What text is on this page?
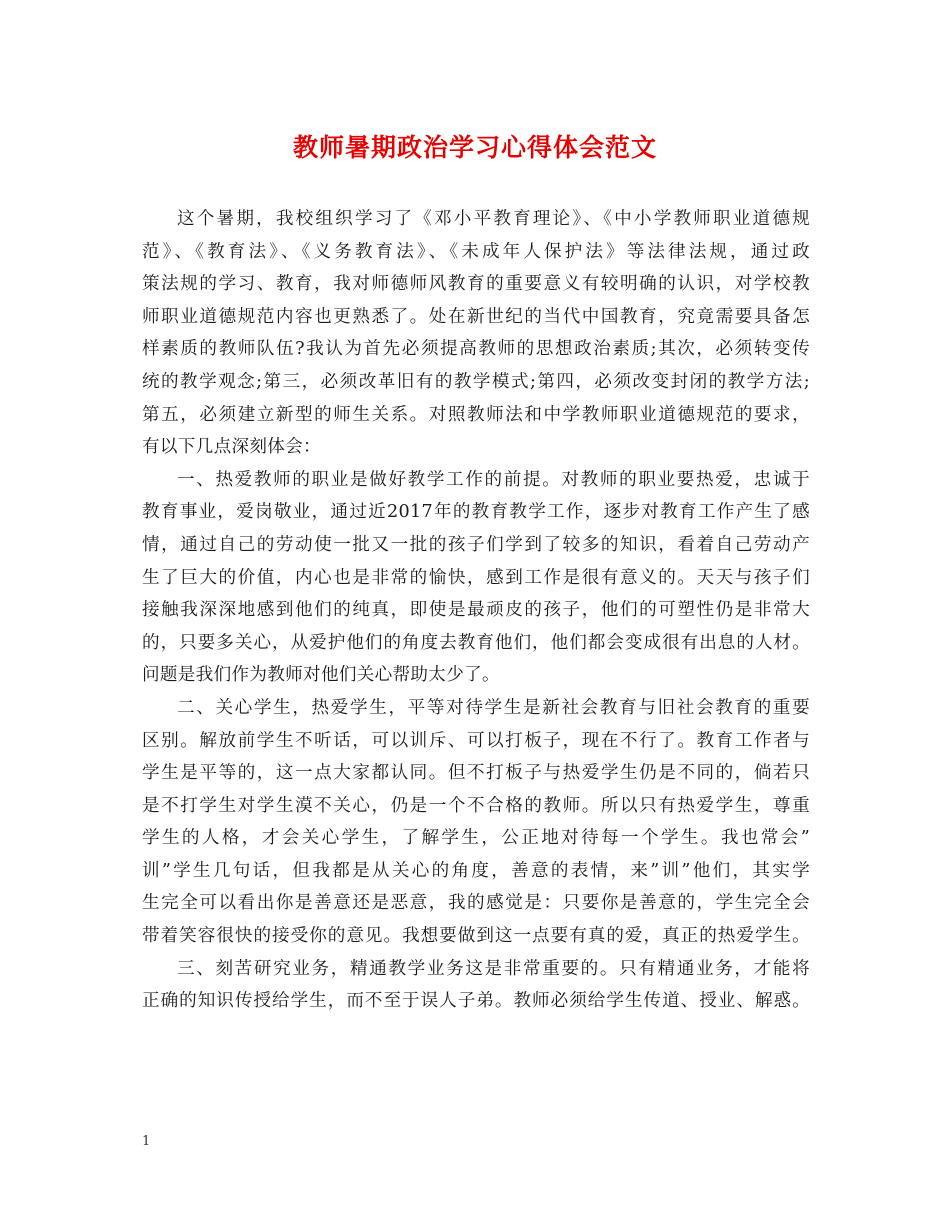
教师暑期政治学习心得体会范文
这个暑期，我校组织学习了《邓小平教育理论》、《中小学教师职业道德规
范》、《教育法》、《义务教育法》、《未成年人保护法》等法律法规，通过政
策法规的学习、教育，我对师德师风教育的重要意义有较明确的认识，对学校教
师职业道德规范内容也更熟悉了。处在新世纪的当代中国教育，究竟需要具备怎
样素质的教师队伍?我认为首先必须提高教师的思想政治素质;其次，必须转变传
统的教学观念;第三，必须改革旧有的教学模式;第四，必须改变封闭的教学方法;
第五，必须建立新型的师生关系。对照教师法和中学教师职业道德规范的要求，
有以下几点深刻体会：
一、热爱教师的职业是做好教学工作的前提。对教师的职业要热爱，忠诚于
教育事业，爱岗敬业，通过近2017年的教育教学工作，逐步对教育工作产生了感
情，通过自己的劳动使一批又一批的孩子们学到了较多的知识，看着自己劳动产
生了巨大的价值，内心也是非常的愉快，感到工作是很有意义的。天天与孩子们
接触我深深地感到他们的纯真，即使是最顽皮的孩子，他们的可塑性仍是非常大
的，只要多关心，从爱护他们的角度去教育他们，他们都会变成很有出息的人材。
问题是我们作为教师对他们关心帮助太少了。
二、关心学生，热爱学生，平等对待学生是新社会教育与旧社会教育的重要
区别。解放前学生不听话，可以训斥、可以打板子，现在不行了。教育工作者与
学生是平等的，这一点大家都认同。但不打板子与热爱学生仍是不同的，倘若只
是不打学生对学生漠不关心，仍是一个不合格的教师。所以只有热爱学生，尊重
学生的人格，才会关心学生，了解学生，公正地对待每一个学生。我也常会”
训”学生几句话，但我都是从关心的角度，善意的表情，来”训”他们，其实学
生完全可以看出你是善意还是恶意，我的感觉是：只要你是善意的，学生完全会
带着笑容很快的接受你的意见。我想要做到这一点要有真的爱，真正的热爱学生。
三、刻苦研究业务，精通教学业务这是非常重要的。只有精通业务，才能将
正确的知识传授给学生，而不至于误人子弟。教师必须给学生传道、授业、解惑。
1
